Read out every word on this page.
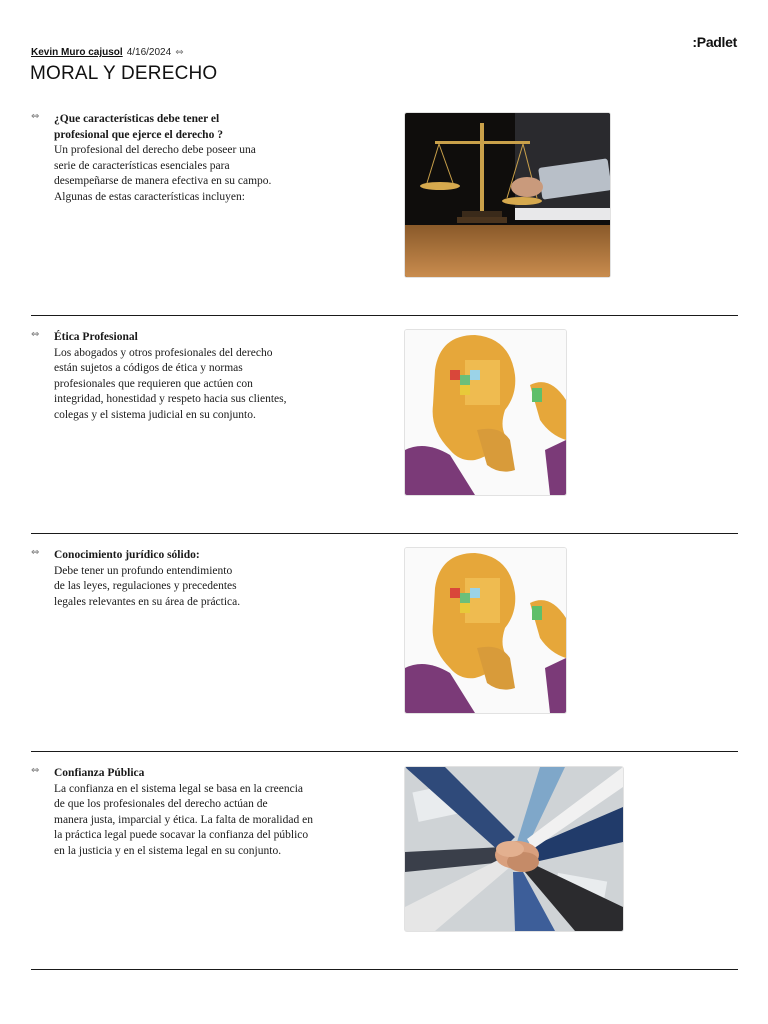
Kevin Muro cajusol 4/16/2024 ⇔
MORAL Y DERECHO
:Padlet
⇔ ¿Que características debe tener el
profesional que ejerce el derecho ?

Un profesional del derecho debe poseer una
serie de características esenciales para
desempeñarse de manera efectiva en su campo.
Algunas de estas características incluyen:

⇔ Ética Profesional

Los abogados y otros profesionales del derecho
están sujetos a códigos de ética y normas
profesionales que requieren que actúen con
integridad, honestidad y respeto hacia sus clientes,
colegas y el sistema judicial en su conjunto.

⇔ Conocimiento jurídico sólido:

Debe tener un profundo entendimiento
de las leyes, regulaciones y precedentes
legales relevantes en su área de práctica.

⇔ Confianza Pública

La confianza en el sistema legal se basa en la creencia
de que los profesionales del derecho actúan de
manera justa, imparcial y ética. La falta de moralidad en
la práctica legal puede socavar la confianza del público
en la justicia y en el sistema legal en su conjunto.
